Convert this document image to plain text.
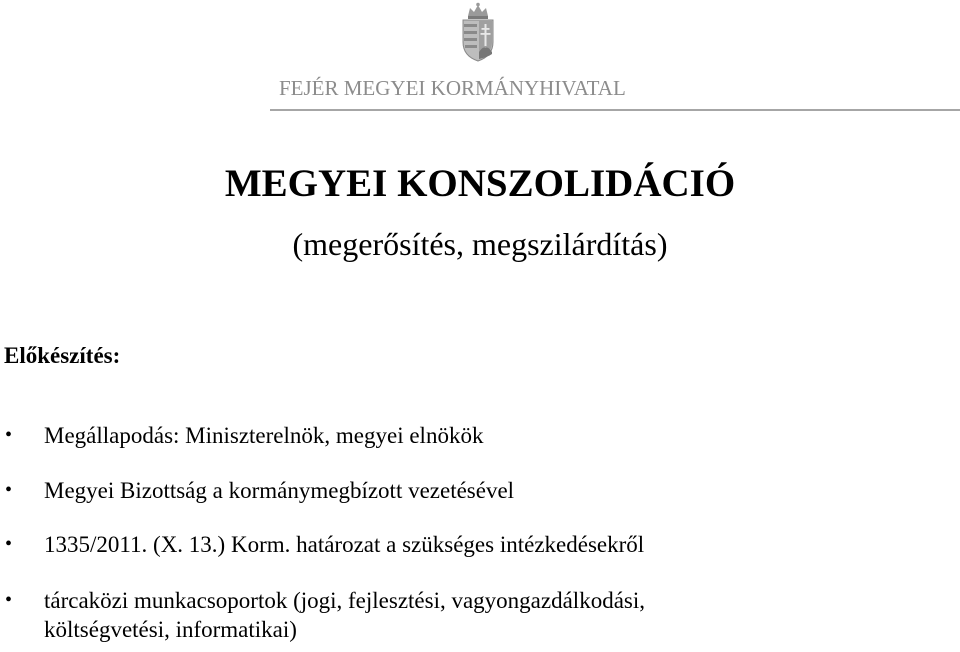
FEJÉR MEGYEI KORMÁNYHIVATAL
MEGYEI KONSZOLIDÁCIÓ
(megerősítés, megszilárdítás)
Előkészítés:
• Megállapodás: Miniszterelnök, megyei elnökök
• Megyei Bizottság a kormánymegbízott vezetésével
• 1335/2011. (X. 13.) Korm. határozat a szükséges intézkedésekről
• tárcaközi munkacsoportok (jogi, fejlesztési, vagyongazdálkodási,
költségvetési, informatikai)
